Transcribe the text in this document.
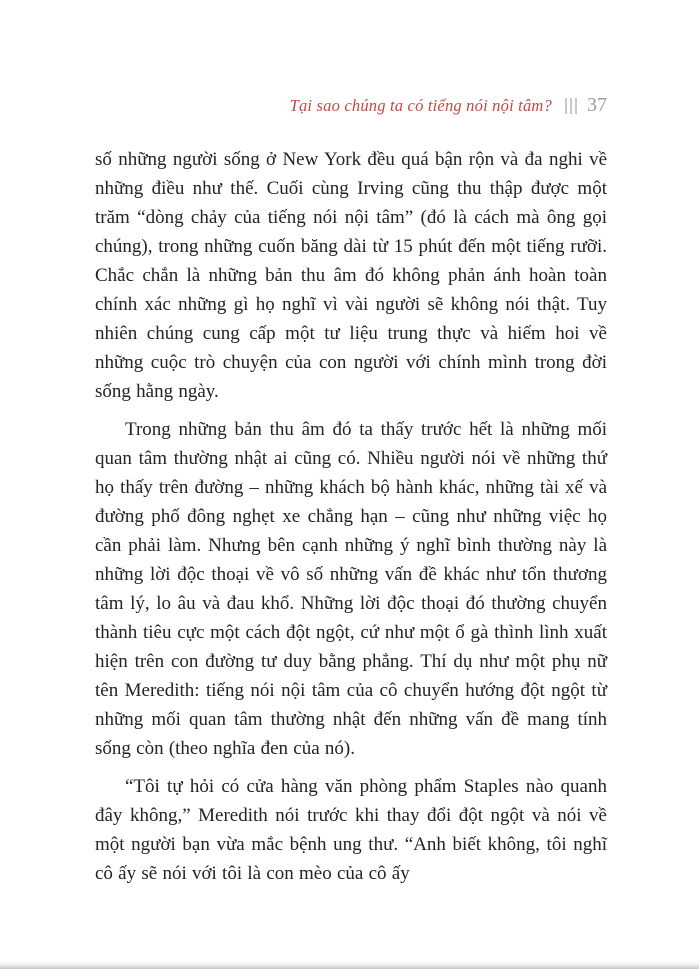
Tại sao chúng ta có tiếng nói nội tâm? 37

số những người sống ở New York đều quá bận rộn và đa nghi về những điều như thế. Cuối cùng Irving cũng thu thập được một trăm “dòng chảy của tiếng nói nội tâm” (đó là cách mà ông gọi chúng), trong những cuốn băng dài từ 15 phút đến một tiếng rưỡi. Chắc chắn là những bản thu âm đó không phản ánh hoàn toàn chính xác những gì họ nghĩ vì vài người sẽ không nói thật. Tuy nhiên chúng cung cấp một tư liệu trung thực và hiếm hoi về những cuộc trò chuyện của con người với chính mình trong đời sống hằng ngày.

Trong những bản thu âm đó ta thấy trước hết là những mối quan tâm thường nhật ai cũng có. Nhiều người nói về những thứ họ thấy trên đường – những khách bộ hành khác, những tài xế và đường phố đông nghẹt xe chẳng hạn – cũng như những việc họ cần phải làm. Nhưng bên cạnh những ý nghĩ bình thường này là những lời độc thoại về vô số những vấn đề khác như tổn thương tâm lý, lo âu và đau khổ. Những lời độc thoại đó thường chuyển thành tiêu cực một cách đột ngột, cứ như một ổ gà thình lình xuất hiện trên con đường tư duy bằng phẳng. Thí dụ như một phụ nữ tên Meredith: tiếng nói nội tâm của cô chuyển hướng đột ngột từ những mối quan tâm thường nhật đến những vấn đề mang tính sống còn (theo nghĩa đen của nó).

“Tôi tự hỏi có cửa hàng văn phòng phẩm Staples nào quanh đây không,” Meredith nói trước khi thay đổi đột ngột và nói về một người bạn vừa mắc bệnh ung thư. “Anh biết không, tôi nghĩ cô ấy sẽ nói với tôi là con mèo của cô ấy
